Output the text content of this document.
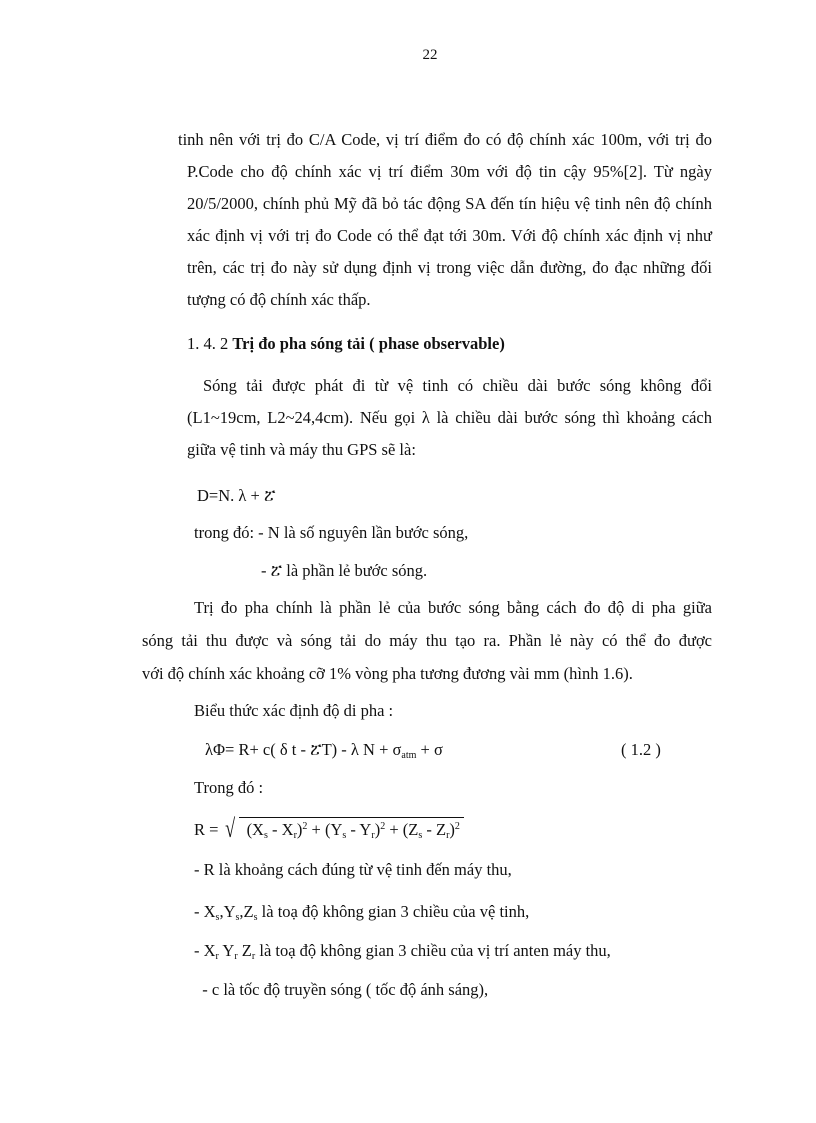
22
tinh nên với trị đo C/A Code, vị trí điểm đo có độ chính xác 100m, với trị đo
P.Code cho độ chính xác vị trí điểm 30m với độ tin cậy 95%[2]. Từ ngày
20/5/2000, chính phủ Mỹ đã bỏ tác động SA đến tín hiệu vệ tinh nên độ chính
xác định vị với trị đo Code có thể đạt tới 30m. Với độ chính xác định vị như
trên, các trị đo này sử dụng định vị trong việc dẫn đường, đo đạc những đối
tượng có độ chính xác thấp.
1. 4. 2 Trị đo pha sóng tải ( phase observable)
Sóng tải được phát đi từ vệ tinh có chiều dài bước sóng không đổi
(L1~19cm, L2~24,4cm). Nếu gọi λ là chiều dài bước sóng thì khoảng cách
giữa vệ tinh và máy thu GPS sẽ là:
D=N. λ + ፘ
trong đó: - N là số nguyên lần bước sóng,
- ፘ là phần lẻ bước sóng.
Trị đo pha chính là phần lẻ của bước sóng bằng cách đo độ di pha giữa
sóng tải thu được và sóng tải do máy thu tạo ra. Phần lẻ này có thể đo được
với độ chính xác khoảng cỡ 1% vòng pha tương đương vài mm (hình 1.6).
Biểu thức xác định độ di pha :
λΦ= R+ c( δ t - ፘT) - λ $N + \sigma_{atm} + \sigma$	( 1.2 )
Trong đó :
R = √ $(X_s - X_r)^2 + (Y_s - Y_r)^2 + (Z_s - Z_r)^2$
- R là khoảng cách đúng từ vệ tinh đến máy thu,
- $X_s,Y_s,Z_s$ là toạ độ không gian 3 chiều của vệ tinh,
- $X_r$ $Y_r$ $Z_r$ là toạ độ không gian 3 chiều của vị trí anten máy thu,
- c là tốc độ truyền sóng ( tốc độ ánh sáng),
